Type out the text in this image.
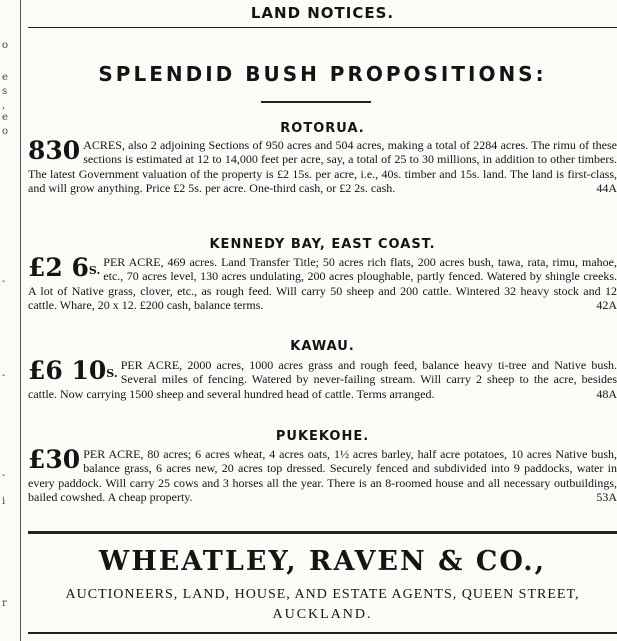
o
e
s
,
e
o
-
-
-
i
r
LAND NOTICES.
SPLENDID BUSH PROPOSITIONS:
ROTORUA.
830 ACRES, also 2 adjoining Sections of 950 acres and 504 acres, making a total of 2284 acres. The rimu of these sections is estimated at 12 to 14,000 feet per acre, say, a total of 25 to 30 millions, in addition to other timbers. The latest Government valuation of the property is £2 15s. per acre, i.e., 40s. timber and 15s. land. The land is first-class, and will grow anything. Price £2 5s. per acre. One-third cash, or £2 2s. cash.	44A
KENNEDY BAY, EAST COAST.
£2 $6^{S.}$
PER ACRE, 469 acres. Land Transfer Title; 50 acres rich flats, 200 acres bush, tawa, rata, rimu, mahoe, etc., 70 acres level, 130 acres undulating, 200 acres ploughable, partly fenced. Watered by shingle creeks. A lot of Native grass, clover, etc., as rough feed. Will carry 50 sheep and 200 cattle. Wintered 32 heavy stock and 12 cattle. Whare, 20 x 12. £200 cash, balance terms.	42A
KAWAU.
£6 $10^{S.}$
PER ACRE, 2000 acres, 1000 acres grass and rough feed, balance heavy ti-tree and Native bush. Several miles of fencing. Watered by never-failing stream. Will carry 2 sheep to the acre, besides cattle. Now carrying 1500 sheep and several hundred head of cattle. Terms arranged.	48A
PUKEKOHE.
£30 PER ACRE, 80 acres; 6 acres wheat, 4 acres oats, 1½ acres barley, half acre potatoes, 10 acres Native bush, balance grass, 6 acres new, 20 acres top dressed. Securely fenced and subdivided into 9 paddocks, water in every paddock. Will carry 25 cows and 3 horses all the year. There is an 8-roomed house and all necessary outbuildings, bailed cowshed. A cheap property.	53A
WHEATLEY, RAVEN & CO.,
AUCTIONEERS, LAND, HOUSE, AND ESTATE AGENTS, QUEEN STREET,
AUCKLAND.
